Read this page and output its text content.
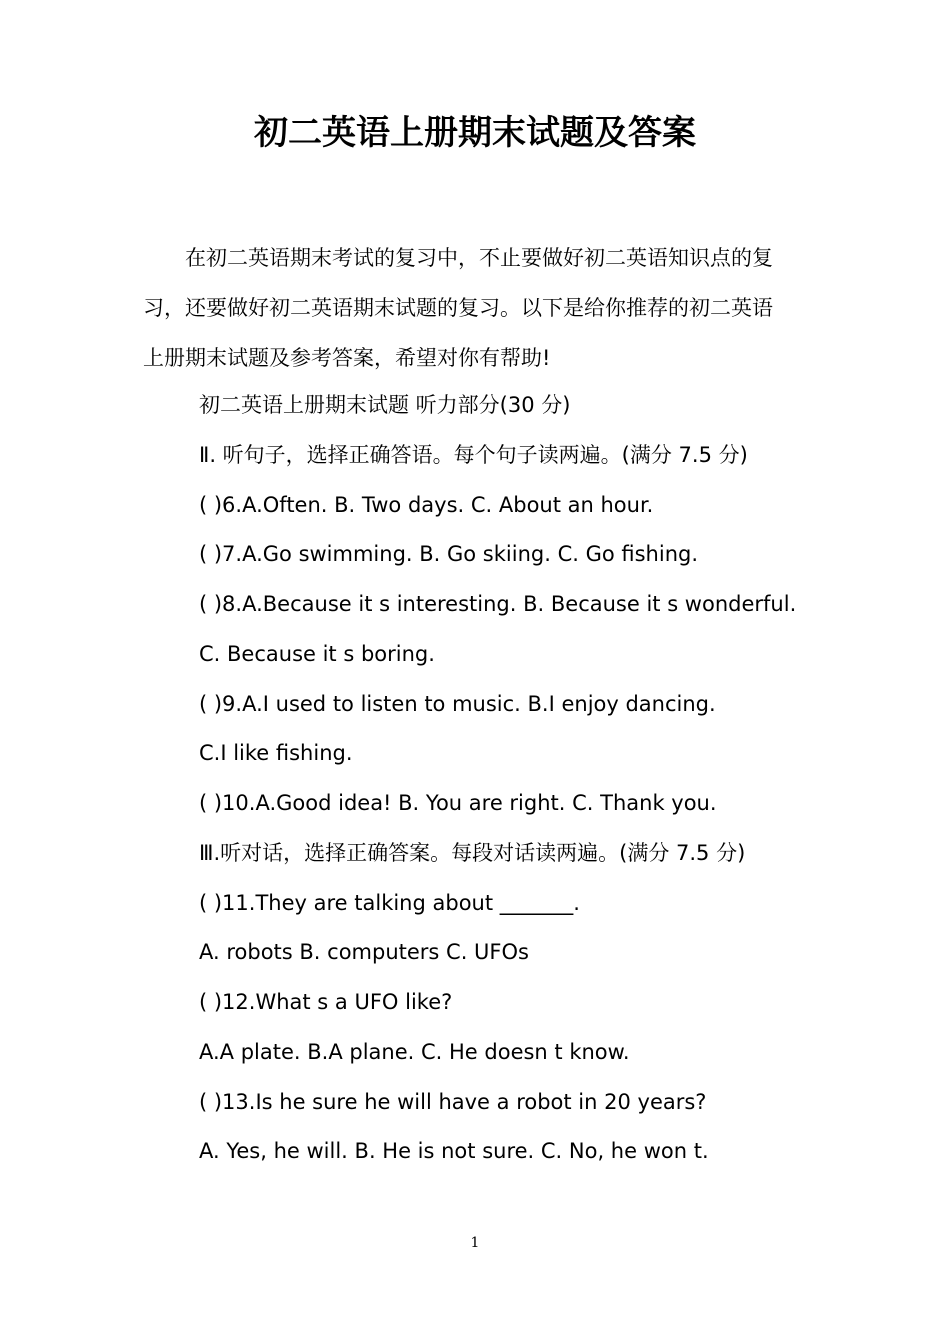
初二英语上册期末试题及答案
　　在初二英语期末考试的复习中，不止要做好初二英语知识点的复
习，还要做好初二英语期末试题的复习。以下是给你推荐的初二英语
上册期末试题及参考答案，希望对你有帮助!
初二英语上册期末试题 听力部分(30 分)
Ⅱ. 听句子，选择正确答语。每个句子读两遍。(满分 7.5 分)
( )6.A.Often. B. Two days. C. About an hour.
( )7.A.Go swimming. B. Go skiing. C. Go fishing.
( )8.A.Because it s interesting. B. Because it s wonderful.
C. Because it s boring.
( )9.A.I used to listen to music. B.I enjoy dancing.
C.I like fishing.
( )10.A.Good idea! B. You are right. C. Thank you.
Ⅲ.听对话，选择正确答案。每段对话读两遍。(满分 7.5 分)
( )11.They are talking about _______.
A. robots B. computers C. UFOs
( )12.What s a UFO like?
A.A plate. B.A plane. C. He doesn t know.
( )13.Is he sure he will have a robot in 20 years?
A. Yes, he will. B. He is not sure. C. No, he won t.
1
